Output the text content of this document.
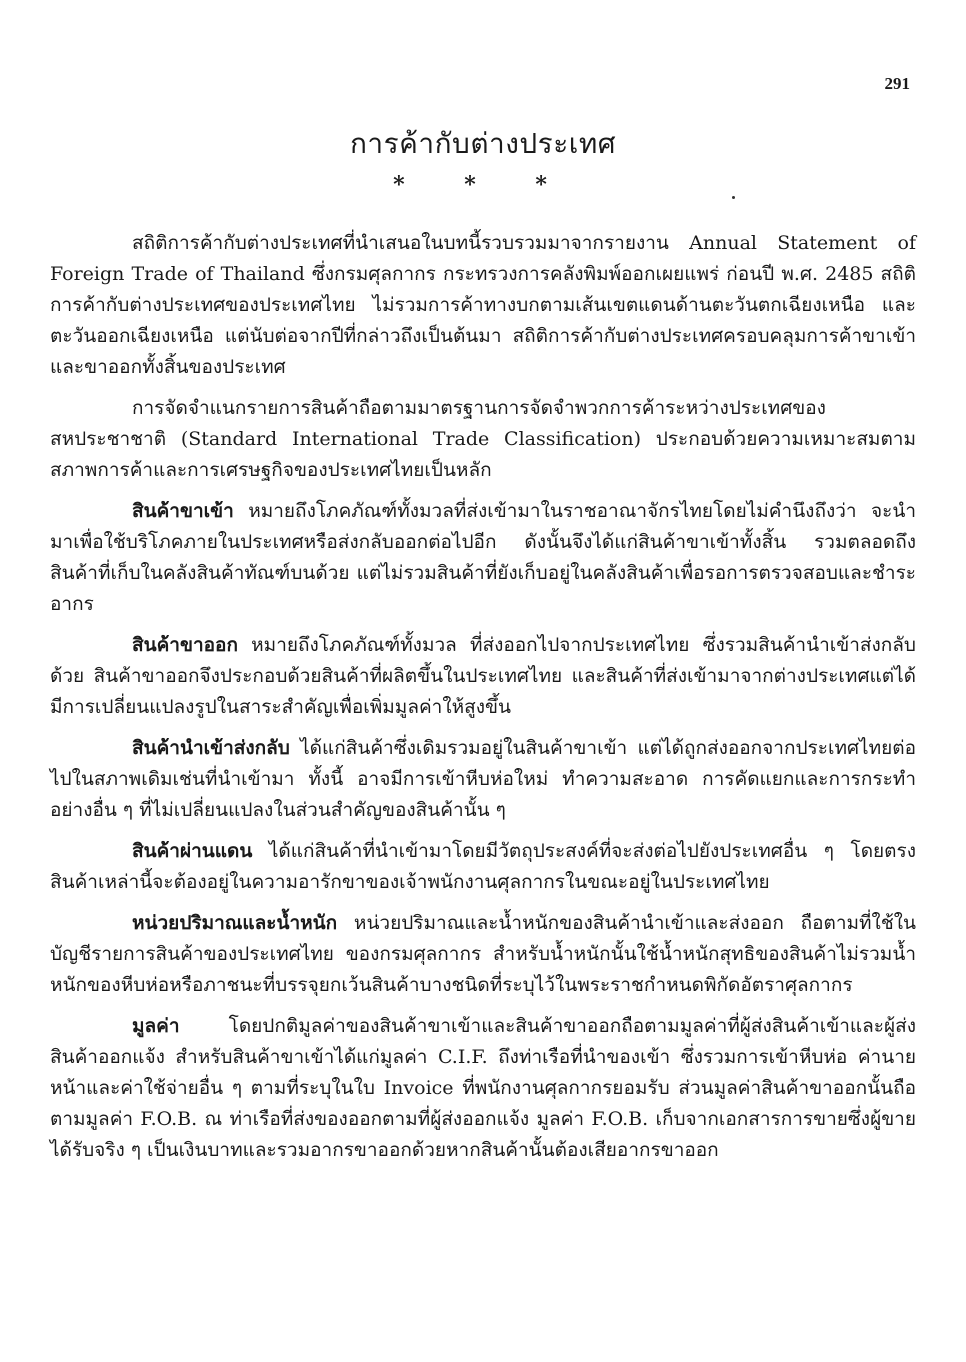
291
การค้ากับต่างประเทศ
* * *

สถิติการค้ากับต่างประเทศที่นำเสนอในบทนี้รวบรวมมาจากรายงาน Annual Statement of Foreign Trade of Thailand ซึ่งกรมศุลกากร กระทรวงการคลังพิมพ์ออกเผยแพร่ ก่อนปี พ.ศ. 2485 สถิติการค้ากับต่างประเทศของประเทศไทย ไม่รวมการค้าทางบกตามเส้นเขตแดนด้านตะวันตกเฉียงเหนือ และตะวันออกเฉียงเหนือ แต่นับต่อจากปีที่กล่าวถึงเป็นต้นมา สถิติการค้ากับต่างประเทศครอบคลุมการค้าขาเข้าและขาออกทั้งสิ้นของประเทศ

การจัดจำแนกรายการสินค้าถือตามมาตรฐานการจัดจำพวกการค้าระหว่างประเทศของสหประชาชาติ (Standard International Trade Classification) ประกอบด้วยความเหมาะสมตามสภาพการค้าและการเศรษฐกิจของประเทศไทยเป็นหลัก

สินค้าขาเข้า หมายถึงโภคภัณฑ์ทั้งมวลที่ส่งเข้ามาในราชอาณาจักรไทยโดยไม่คำนึงถึงว่า จะนำมาเพื่อใช้บริโภคภายในประเทศหรือส่งกลับออกต่อไปอีก ดังนั้นจึงได้แก่สินค้าขาเข้าทั้งสิ้น รวมตลอดถึงสินค้าที่เก็บในคลังสินค้าทัณฑ์บนด้วย แต่ไม่รวมสินค้าที่ยังเก็บอยู่ในคลังสินค้าเพื่อรอการตรวจสอบและชำระอากร

สินค้าขาออก หมายถึงโภคภัณฑ์ทั้งมวล ที่ส่งออกไปจากประเทศไทย ซึ่งรวมสินค้านำเข้าส่งกลับด้วย สินค้าขาออกจึงประกอบด้วยสินค้าที่ผลิตขึ้นในประเทศไทย และสินค้าที่ส่งเข้ามาจากต่างประเทศแต่ได้มีการเปลี่ยนแปลงรูปในสาระสำคัญเพื่อเพิ่มมูลค่าให้สูงขึ้น

สินค้านำเข้าส่งกลับ ได้แก่สินค้าซึ่งเดิมรวมอยู่ในสินค้าขาเข้า แต่ได้ถูกส่งออกจากประเทศไทยต่อไปในสภาพเดิมเช่นที่นำเข้ามา ทั้งนี้ อาจมีการเข้าหีบห่อใหม่ ทำความสะอาด การคัดแยกและการกระทำอย่างอื่น ๆ ที่ไม่เปลี่ยนแปลงในส่วนสำคัญของสินค้านั้น ๆ

สินค้าผ่านแดน ได้แก่สินค้าที่นำเข้ามาโดยมีวัตถุประสงค์ที่จะส่งต่อไปยังประเทศอื่น ๆ โดยตรงสินค้าเหล่านี้จะต้องอยู่ในความอารักขาของเจ้าพนักงานศุลกากรในขณะอยู่ในประเทศไทย

หน่วยปริมาณและน้ำหนัก หน่วยปริมาณและน้ำหนักของสินค้านำเข้าและส่งออก ถือตามที่ใช้ในบัญชีรายการสินค้าของประเทศไทย ของกรมศุลกากร สำหรับน้ำหนักนั้นใช้น้ำหนักสุทธิของสินค้าไม่รวมน้ำหนักของหีบห่อหรือภาชนะที่บรรจุยกเว้นสินค้าบางชนิดที่ระบุไว้ในพระราชกำหนดพิกัดอัตราศุลกากร

มูลค่า โดยปกติมูลค่าของสินค้าขาเข้าและสินค้าขาออกถือตามมูลค่าที่ผู้ส่งสินค้าเข้าและผู้ส่งสินค้าออกแจ้ง สำหรับสินค้าขาเข้าได้แก่มูลค่า C.I.F. ถึงท่าเรือที่นำของเข้า ซึ่งรวมการเข้าหีบห่อ ค่านายหน้าและค่าใช้จ่ายอื่น ๆ ตามที่ระบุในใบ Invoice ที่พนักงานศุลกากรยอมรับ ส่วนมูลค่าสินค้าขาออกนั้นถือตามมูลค่า F.O.B. ณ ท่าเรือที่ส่งของออกตามที่ผู้ส่งออกแจ้ง มูลค่า F.O.B. เก็บจากเอกสารการขายซึ่งผู้ขายได้รับจริง ๆ เป็นเงินบาทและรวมอากรขาออกด้วยหากสินค้านั้นต้องเสียอากรขาออก
